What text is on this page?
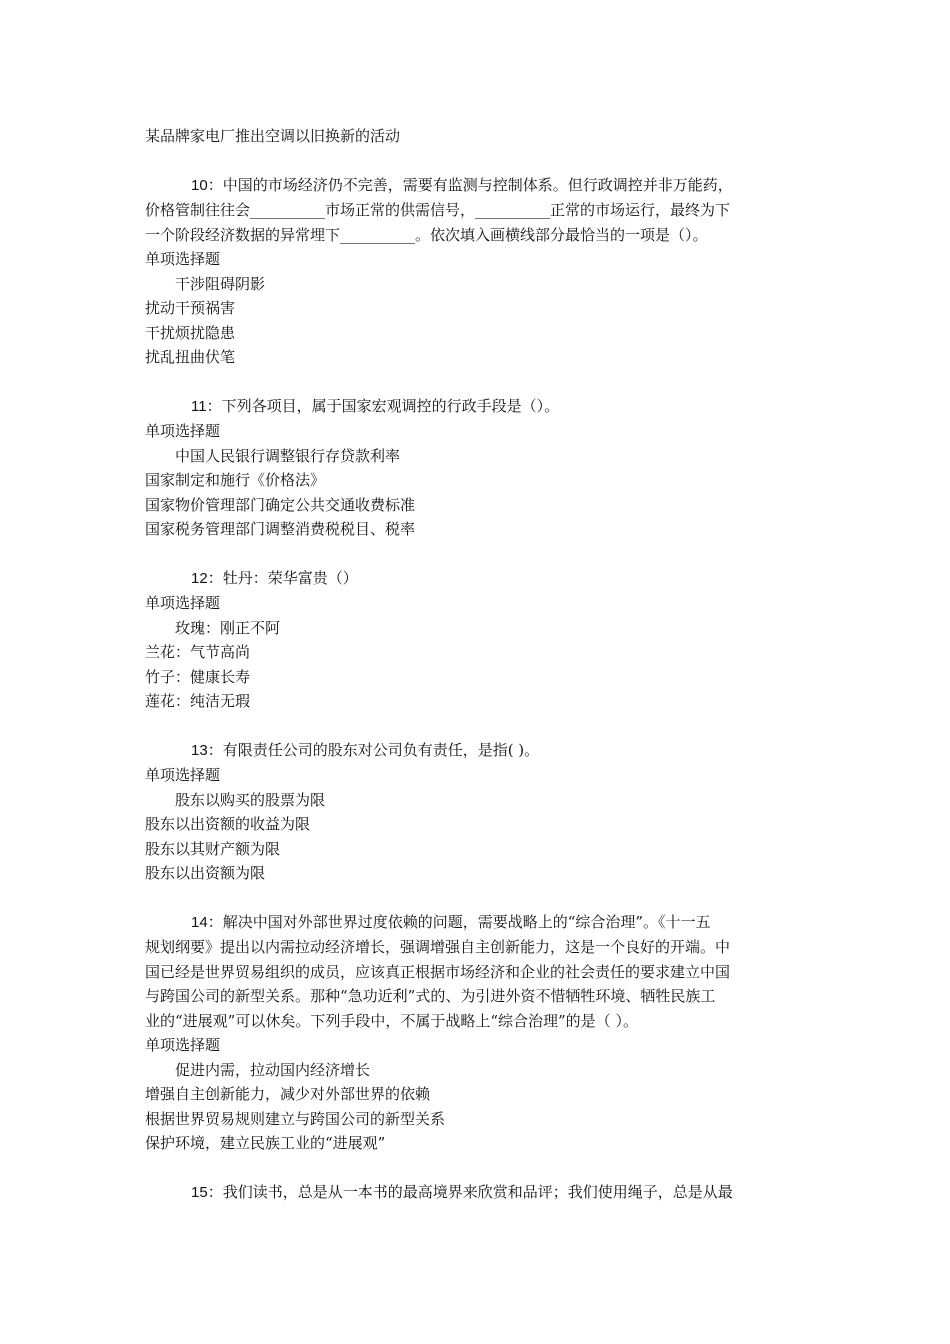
某品牌家电厂推出空调以旧换新的活动
10：中国的市场经济仍不完善，需要有监测与控制体系。但行政调控并非万能药，
价格管制往往会__________市场正常的供需信号，__________正常的市场运行，最终为下
一个阶段经济数据的异常埋下__________。依次填入画横线部分最恰当的一项是（）。
单项选择题
干涉阻碍阴影
扰动干预祸害
干扰烦扰隐患
扰乱扭曲伏笔
11：下列各项目，属于国家宏观调控的行政手段是（）。
单项选择题
中国人民银行调整银行存贷款利率
国家制定和施行《价格法》
国家物价管理部门确定公共交通收费标准
国家税务管理部门调整消费税税目、税率
12：牡丹：荣华富贵（）
单项选择题
玫瑰：刚正不阿
兰花：气节高尚
竹子：健康长寿
莲花：纯洁无瑕
13：有限责任公司的股东对公司负有责任，是指( )。
单项选择题
股东以购买的股票为限
股东以出资额的收益为限
股东以其财产额为限
股东以出资额为限
14：解决中国对外部世界过度依赖的问题，需要战略上的“综合治理”。《十一五
规划纲要》提出以内需拉动经济增长，强调增强自主创新能力，这是一个良好的开端。中
国已经是世界贸易组织的成员，应该真正根据市场经济和企业的社会责任的要求建立中国
与跨国公司的新型关系。那种“急功近利”式的、为引进外资不惜牺牲环境、牺牲民族工
业的“进展观”可以休矣。下列手段中，不属于战略上“综合治理”的是（ ）。
单项选择题
促进内需，拉动国内经济增长
增强自主创新能力，减少对外部世界的依赖
根据世界贸易规则建立与跨国公司的新型关系
保护环境，建立民族工业的“进展观”
15：我们读书，总是从一本书的最高境界来欣赏和品评；我们使用绳子，总是从最
